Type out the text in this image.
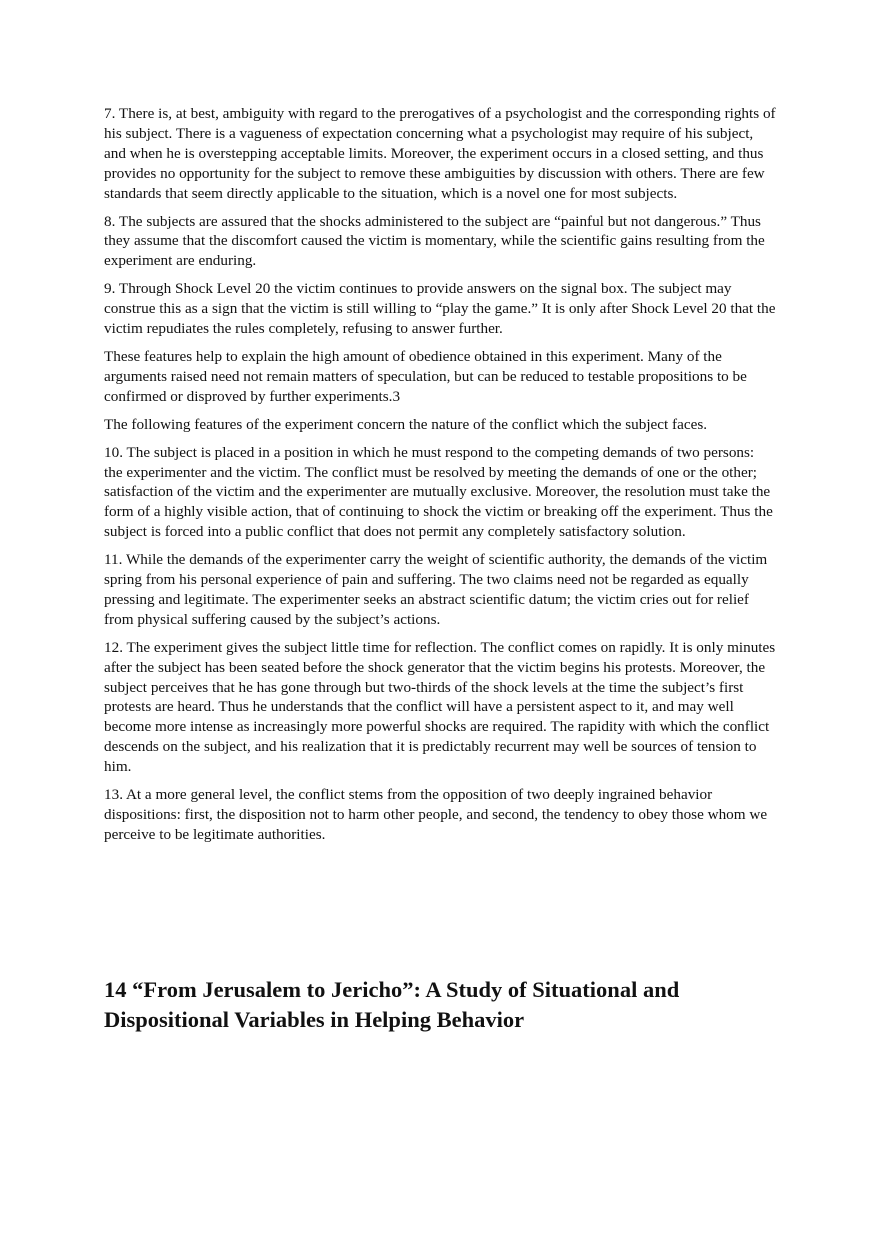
7. There is, at best, ambiguity with regard to the prerogatives of a psychologist and the corresponding rights of his subject. There is a vagueness of expectation concerning what a psychologist may require of his subject, and when he is overstepping acceptable limits. Moreover, the experiment occurs in a closed setting, and thus provides no opportunity for the subject to remove these ambiguities by discussion with others. There are few standards that seem directly applicable to the situation, which is a novel one for most subjects.

8. The subjects are assured that the shocks administered to the subject are “painful but not dangerous.” Thus they assume that the discomfort caused the victim is momentary, while the scientific gains resulting from the experiment are enduring.

9. Through Shock Level 20 the victim continues to provide answers on the signal box. The subject may construe this as a sign that the victim is still willing to “play the game.” It is only after Shock Level 20 that the victim repudiates the rules completely, refusing to answer further.

These features help to explain the high amount of obedience obtained in this experiment. Many of the arguments raised need not remain matters of speculation, but can be reduced to testable propositions to be confirmed or disproved by further experiments.3

The following features of the experiment concern the nature of the conflict which the subject faces.

10. The subject is placed in a position in which he must respond to the competing demands of two persons: the experimenter and the victim. The conflict must be resolved by meeting the demands of one or the other; satisfaction of the victim and the experimenter are mutually exclusive. Moreover, the resolution must take the form of a highly visible action, that of continuing to shock the victim or breaking off the experiment. Thus the subject is forced into a public conflict that does not permit any completely satisfactory solution.

11. While the demands of the experimenter carry the weight of scientific authority, the demands of the victim spring from his personal experience of pain and suffering. The two claims need not be regarded as equally pressing and legitimate. The experimenter seeks an abstract scientific datum; the victim cries out for relief from physical suffering caused by the subject’s actions.

12. The experiment gives the subject little time for reflection. The conflict comes on rapidly. It is only minutes after the subject has been seated before the shock generator that the victim begins his protests. Moreover, the subject perceives that he has gone through but two-thirds of the shock levels at the time the subject’s first protests are heard. Thus he understands that the conflict will have a persistent aspect to it, and may well become more intense as increasingly more powerful shocks are required. The rapidity with which the conflict descends on the subject, and his realization that it is predictably recurrent may well be sources of tension to him.

13. At a more general level, the conflict stems from the opposition of two deeply ingrained behavior dispositions: first, the disposition not to harm other people, and second, the tendency to obey those whom we perceive to be legitimate authorities.

14 “From Jerusalem to Jericho”: A Study of Situational and Dispositional Variables in Helping Behavior
